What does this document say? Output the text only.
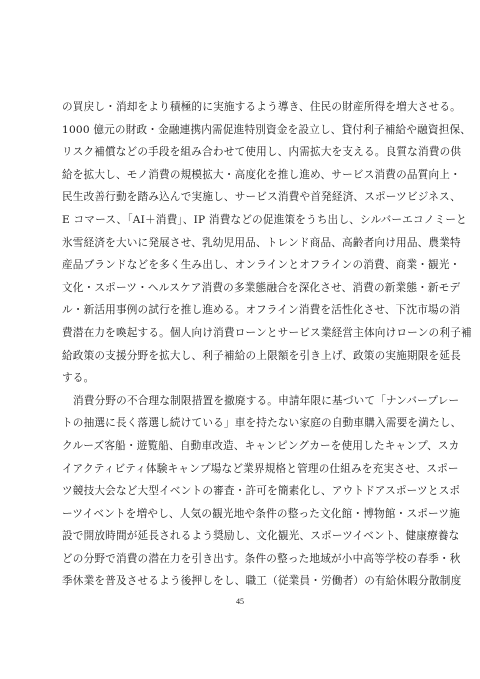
の買戻し・消却をより積極的に実施するよう導き、住民の財産所得を増大させる。
1000 億元の財政・金融連携内需促進特別資金を設立し、貸付利子補給や融資担保、
リスク補償などの手段を組み合わせて使用し、内需拡大を支える。良質な消費の供
給を拡大し、モノ消費の規模拡大・高度化を推し進め、サービス消費の品質向上・
民生改善行動を踏み込んで実施し、サービス消費や首発経済、スポーツビジネス、
E コマース、「AI＋消費」、IP 消費などの促進策をうち出し、シルバーエコノミーと
氷雪経済を大いに発展させ、乳幼児用品、トレンド商品、高齢者向け用品、農業特
産品ブランドなどを多く生み出し、オンラインとオフラインの消費、商業・観光・
文化・スポーツ・ヘルスケア消費の多業態融合を深化させ、消費の新業態・新モデ
ル・新活用事例の試行を推し進める。オフライン消費を活性化させ、下沈市場の消
費潜在力を喚起する。個人向け消費ローンとサービス業経営主体向けローンの利子補
給政策の支援分野を拡大し、利子補給の上限額を引き上げ、政策の実施期限を延長
する。
消費分野の不合理な制限措置を撤廃する。申請年限に基づいて「ナンバープレー
トの抽選に長く落選し続けている」車を持たない家庭の自動車購入需要を満たし、
クルーズ客船・遊覧船、自動車改造、キャンピングカーを使用したキャンプ、スカ
イアクティビティ体験キャンプ場など業界規格と管理の仕組みを充実させ、スポー
ツ競技大会など大型イベントの審査・許可を簡素化し、アウトドアスポーツとスポ
ーツイベントを増やし、人気の観光地や条件の整った文化館・博物館・スポーツ施
設で開放時間が延長されるよう奨励し、文化観光、スポーツイベント、健康療養な
どの分野で消費の潜在力を引き出す。条件の整った地域が小中高等学校の春季・秋
季休業を普及させるよう後押しをし、職工（従業員・労働者）の有給休暇分散制度
45
